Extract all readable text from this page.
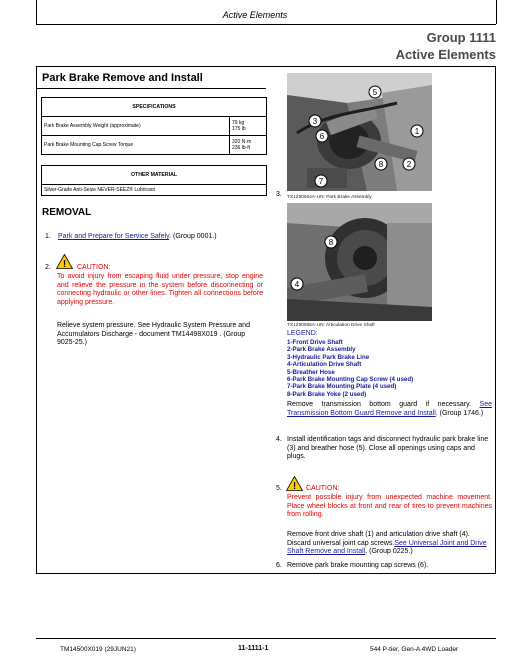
Active Elements
Group 1111
Active Elements
Park Brake Remove and Install
SPECIFICATIONS	
Park Brake Assembly Weight (approximate)	79 kg
175 lb

Park Brake Mounting Cap Screw Torque	320 N·m
236 lb·ft
OTHER MATERIAL
Silver-Grade Anti-Seize NEVER-SEEZ® Lubricant
REMOVAL
1. Park and Prepare for Service Safely. (Group 0001.)
2. ! CAUTION:
To avoid injury from escaping fluid under pressure, stop engine and relieve the pressure in the system before disconnecting or connecting hydraulic or other lines. Tighten all connections before applying pressure.
Relieve system pressure. See Hydraulic System Pressure and Accumulators Discharge - document TM14498X019 . (Group 9025-25.)
5
3
6
1
8	2
7
3. TX1290064A-UN: Park Brake Assembly
8
4
TX1290065A-UN: Articulation Drive Shaft
LEGEND:
1-Front Drive Shaft
2-Park Brake Assembly
3-Hydraulic Park Brake Line
4-Articulation Drive Shaft
5-Breather Hose
6-Park Brake Mounting Cap Screw (4 used)
7-Park Brake Mounting Plate (4 used)
8-Park Brake Yoke (2 used)
Remove transmission bottom guard if necessary. See Transmission Bottom Guard Remove and Install. (Group 1746.)
4. Install identification tags and disconnect hydraulic park brake line (3) and breather hose (5). Close all openings using caps and plugs.
5. ! CAUTION:
Prevent possible injury from unexpected machine movement. Place wheel blocks at front and rear of tires to prevent machines from rolling.
Remove front drive shaft (1) and articulation drive shaft (4). Discard universal joint cap screws.See Universal Joint and Drive Shaft Remove and Install. (Group 0225.)
6. Remove park brake mounting cap screws (6).
TM14500X019 (29JUN21)	11-1111-1	544 P-tier, Gen-A 4WD Loader
